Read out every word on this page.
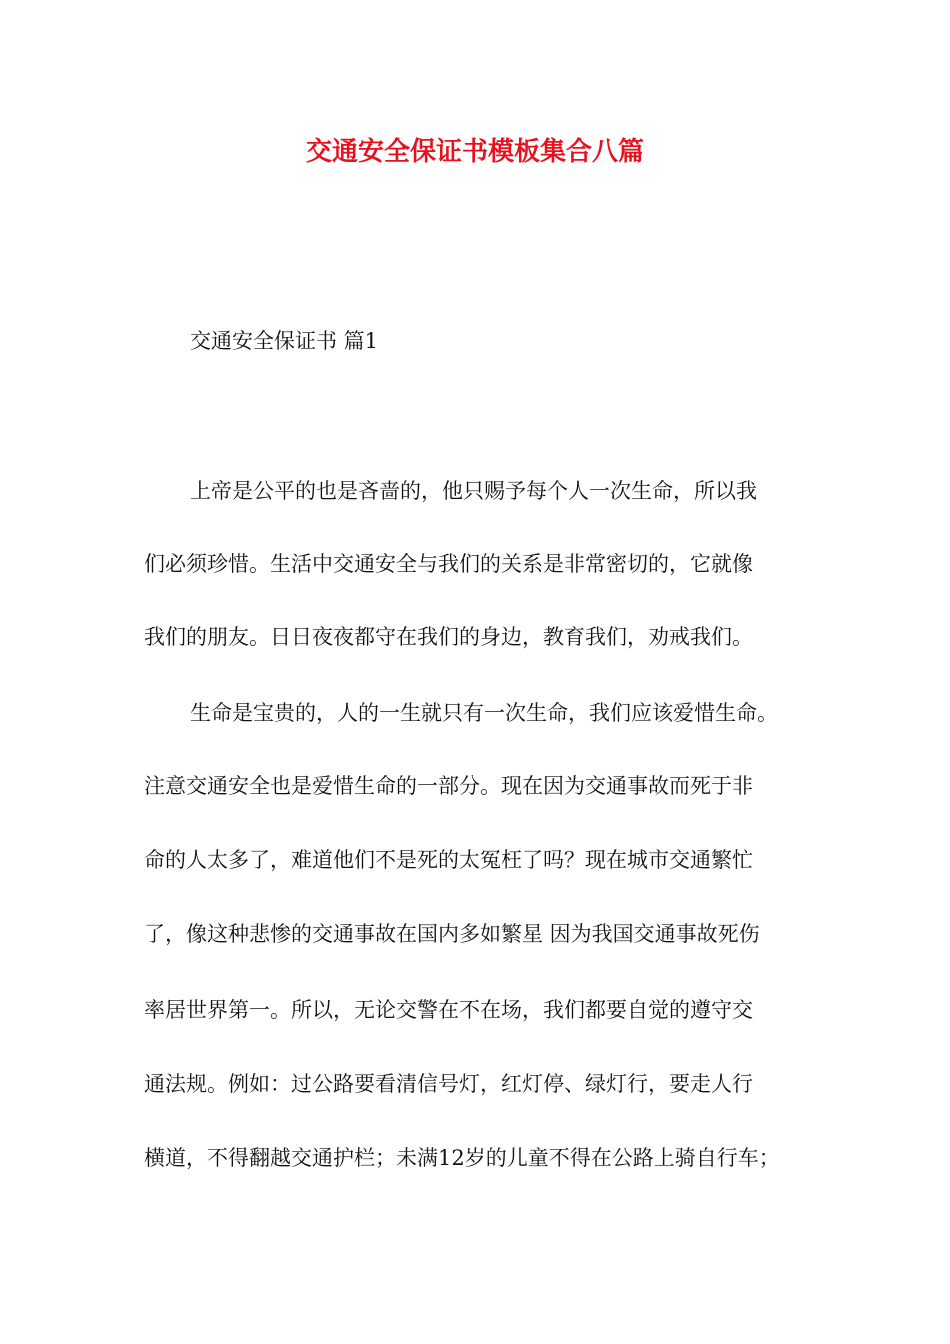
交通安全保证书模板集合八篇
交通安全保证书 篇1
上帝是公平的也是吝啬的，他只赐予每个人一次生命，所以我
们必须珍惜。生活中交通安全与我们的关系是非常密切的，它就像
我们的朋友。日日夜夜都守在我们的身边，教育我们，劝戒我们。
生命是宝贵的，人的一生就只有一次生命，我们应该爱惜生命。
注意交通安全也是爱惜生命的一部分。现在因为交通事故而死于非
命的人太多了，难道他们不是死的太冤枉了吗？现在城市交通繁忙
了，像这种悲惨的交通事故在国内多如繁星 因为我国交通事故死伤
率居世界第一。所以，无论交警在不在场，我们都要自觉的遵守交
通法规。例如：过公路要看清信号灯，红灯停、绿灯行，要走人行
横道，不得翻越交通护栏；未满12岁的儿童不得在公路上骑自行车；
